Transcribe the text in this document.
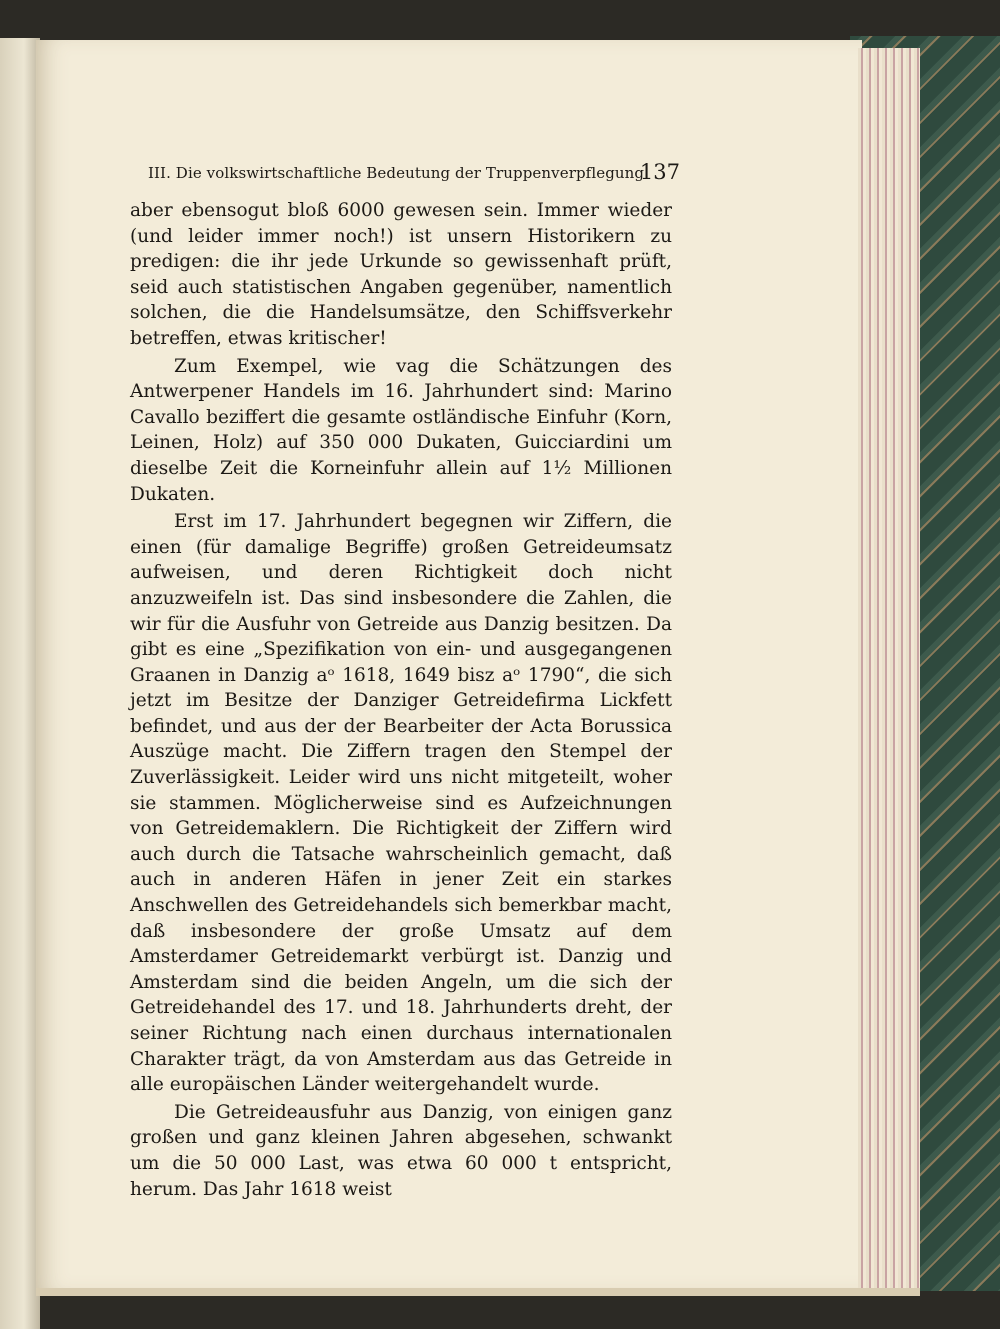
III. Die volkswirtschaftliche Bedeutung der Truppenverpflegung
137

aber ebensogut bloß 6000 gewesen sein. Immer wieder (und leider immer noch!) ist unsern Historikern zu predigen: die ihr jede Urkunde so gewissenhaft prüft, seid auch statistischen Angaben gegenüber, namentlich solchen, die die Handelsumsätze, den Schiffsverkehr betreffen, etwas kritischer!

Zum Exempel, wie vag die Schätzungen des Antwerpener Handels im 16. Jahrhundert sind: Marino Cavallo beziffert die gesamte ostländische Einfuhr (Korn, Leinen, Holz) auf 350 000 Dukaten, Guicciardini um dieselbe Zeit die Korneinfuhr allein auf 1½ Millionen Dukaten.

Erst im 17. Jahrhundert begegnen wir Ziffern, die einen (für damalige Begriffe) großen Getreideumsatz aufweisen, und deren Richtigkeit doch nicht anzuzweifeln ist. Das sind insbesondere die Zahlen, die wir für die Ausfuhr von Getreide aus Danzig besitzen. Da gibt es eine „Spezifikation von ein- und ausgegangenen Graanen in Danzig aᵒ 1618, 1649 bisz aᵒ 1790“, die sich jetzt im Besitze der Danziger Getreidefirma Lickfett befindet, und aus der der Bearbeiter der Acta Borussica Auszüge macht. Die Ziffern tragen den Stempel der Zuverlässigkeit. Leider wird uns nicht mitgeteilt, woher sie stammen. Möglicherweise sind es Aufzeichnungen von Getreidemaklern. Die Richtigkeit der Ziffern wird auch durch die Tatsache wahrscheinlich gemacht, daß auch in anderen Häfen in jener Zeit ein starkes Anschwellen des Getreidehandels sich bemerkbar macht, daß insbesondere der große Umsatz auf dem Amsterdamer Getreidemarkt verbürgt ist. Danzig und Amsterdam sind die beiden Angeln, um die sich der Getreidehandel des 17. und 18. Jahrhunderts dreht, der seiner Richtung nach einen durchaus internationalen Charakter trägt, da von Amsterdam aus das Getreide in alle europäischen Länder weitergehandelt wurde.

Die Getreideausfuhr aus Danzig, von einigen ganz großen und ganz kleinen Jahren abgesehen, schwankt um die 50 000 Last, was etwa 60 000 t entspricht, herum. Das Jahr 1618 weist
